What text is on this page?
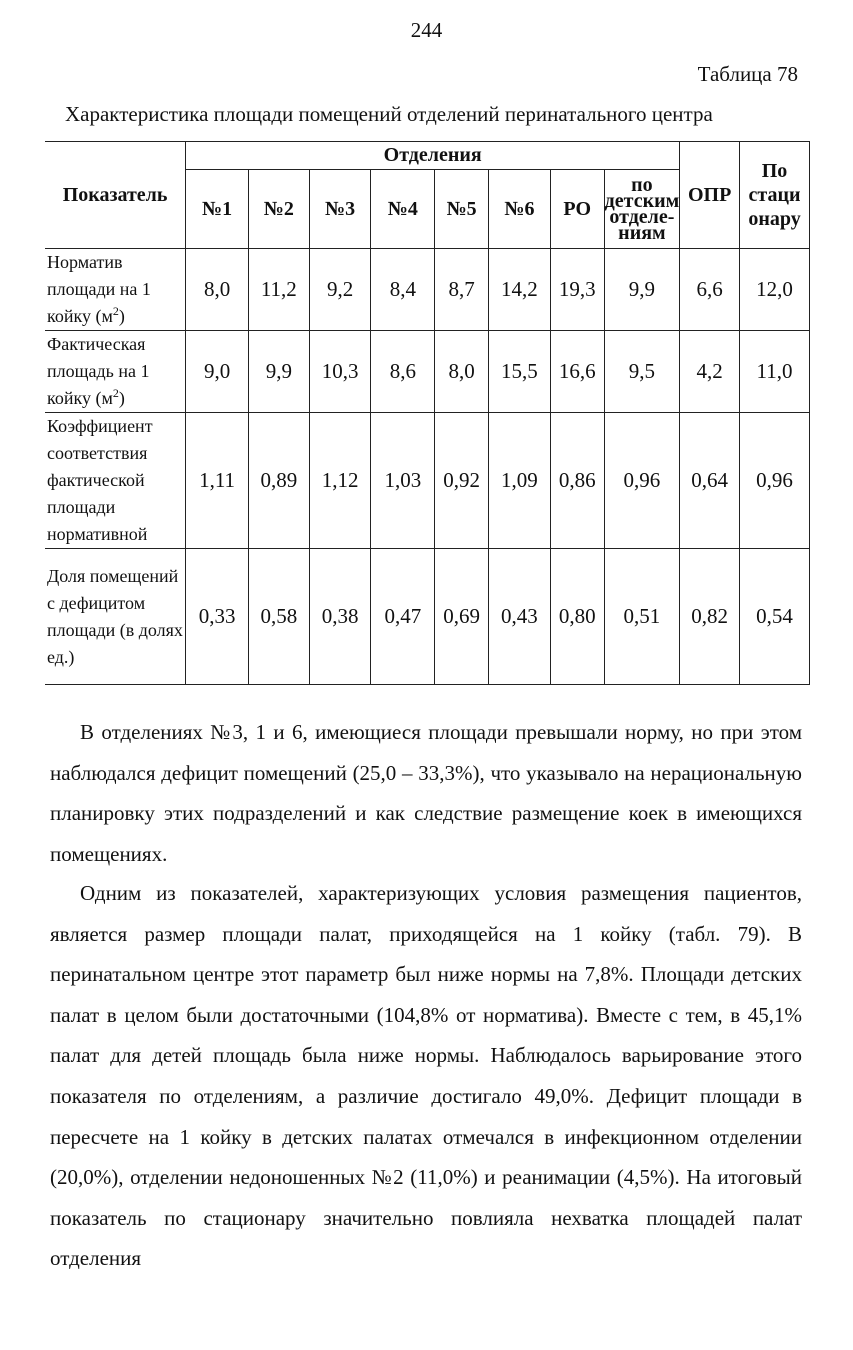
244
Таблица 78
Характеристика площади помещений отделений перинатального центра
Показатель	Отделения								ОПР	По стаци онару
	№1	№2	№3	№4	№5	№6	РО	по детским отделе-ниям		
Норматив площади на 1 койку $(м^2)$	8,0	11,2	9,2	8,4	8,7	14,2	19,3	9,9	6,6	12,0
Фактическая площадь на 1 койку $(м^2)$	9,0	9,9	10,3	8,6	8,0	15,5	16,6	9,5	4,2	11,0
Коэффициент соответствия фактической площади нормативной	1,11	0,89	1,12	1,03	0,92	1,09	0,86	0,96	0,64	0,96
Доля помещений с дефицитом площади (в долях ед.)	0,33	0,58	0,38	0,47	0,69	0,43	0,80	0,51	0,82	0,54

В отделениях №3, 1 и 6, имеющиеся площади превышали норму, но при этом наблюдался дефицит помещений (25,0 – 33,3%), что указывало на нерациональную планировку этих подразделений и как следствие размещение коек в имеющихся помещениях.

Одним из показателей, характеризующих условия размещения пациентов, является размер площади палат, приходящейся на 1 койку (табл. 79). В перинатальном центре этот параметр был ниже нормы на 7,8%. Площади детских палат в целом были достаточными (104,8% от норматива). Вместе с тем, в 45,1% палат для детей площадь была ниже нормы. Наблюдалось варьирование этого показателя по отделениям, а различие достигало 49,0%. Дефицит площади в пересчете на 1 койку в детских палатах отмечался в инфекционном отделении (20,0%), отделении недоношенных №2 (11,0%) и реанимации (4,5%). На итоговый показатель по стационару значительно повлияла нехватка площадей палат отделения
